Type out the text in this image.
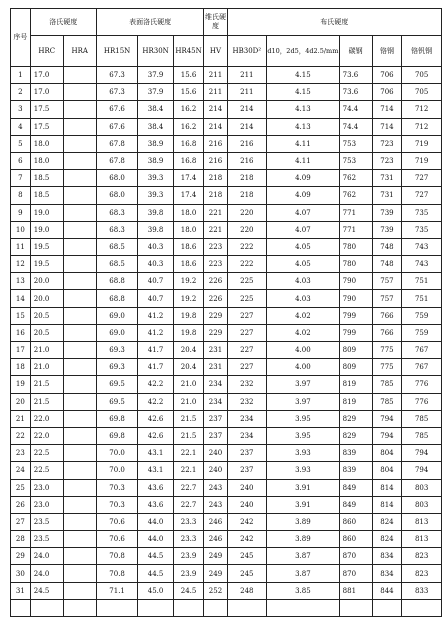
序号	洛氏硬度		表面洛氏硬度			维氏硬度	布氏硬度				
	HRC	HRA	HR15N	HR30N	HR45N	HV	HB30D²	d10，2d5，4d2.5/mm	碳钢	铬钢	铬钒钢
1	17.0		67.3	37.9	15.6	211	211	4.15	73.6	706	705
2	17.0		67.3	37.9	15.6	211	211	4.15	73.6	706	705
3	17.5		67.6	38.4	16.2	214	214	4.13	74.4	714	712
4	17.5		67.6	38.4	16.2	214	214	4.13	74.4	714	712
5	18.0		67.8	38.9	16.8	216	216	4.11	753	723	719
6	18.0		67.8	38.9	16.8	216	216	4.11	753	723	719
7	18.5		68.0	39.3	17.4	218	218	4.09	762	731	727
8	18.5		68.0	39.3	17.4	218	218	4.09	762	731	727
9	19.0		68.3	39.8	18.0	221	220	4.07	771	739	735
10	19.0		68.3	39.8	18.0	221	220	4.07	771	739	735
11	19.5		68.5	40.3	18.6	223	222	4.05	780	748	743
12	19.5		68.5	40.3	18.6	223	222	4.05	780	748	743
13	20.0		68.8	40.7	19.2	226	225	4.03	790	757	751
14	20.0		68.8	40.7	19.2	226	225	4.03	790	757	751
15	20.5		69.0	41.2	19.8	229	227	4.02	799	766	759
16	20.5		69.0	41.2	19.8	229	227	4.02	799	766	759
17	21.0		69.3	41.7	20.4	231	227	4.00	809	775	767
18	21.0		69.3	41.7	20.4	231	227	4.00	809	775	767
19	21.5		69.5	42.2	21.0	234	232	3.97	819	785	776
20	21.5		69.5	42.2	21.0	234	232	3.97	819	785	776
21	22.0		69.8	42.6	21.5	237	234	3.95	829	794	785
22	22.0		69.8	42.6	21.5	237	234	3.95	829	794	785
23	22.5		70.0	43.1	22.1	240	237	3.93	839	804	794
24	22.5		70.0	43.1	22.1	240	237	3.93	839	804	794
25	23.0		70.3	43.6	22.7	243	240	3.91	849	814	803
26	23.0		70.3	43.6	22.7	243	240	3.91	849	814	803
27	23.5		70.6	44.0	23.3	246	242	3.89	860	824	813
28	23.5		70.6	44.0	23.3	246	242	3.89	860	824	813
29	24.0		70.8	44.5	23.9	249	245	3.87	870	834	823
30	24.0		70.8	44.5	23.9	249	245	3.87	870	834	823
31	24.5		71.1	45.0	24.5	252	248	3.85	881	844	833
